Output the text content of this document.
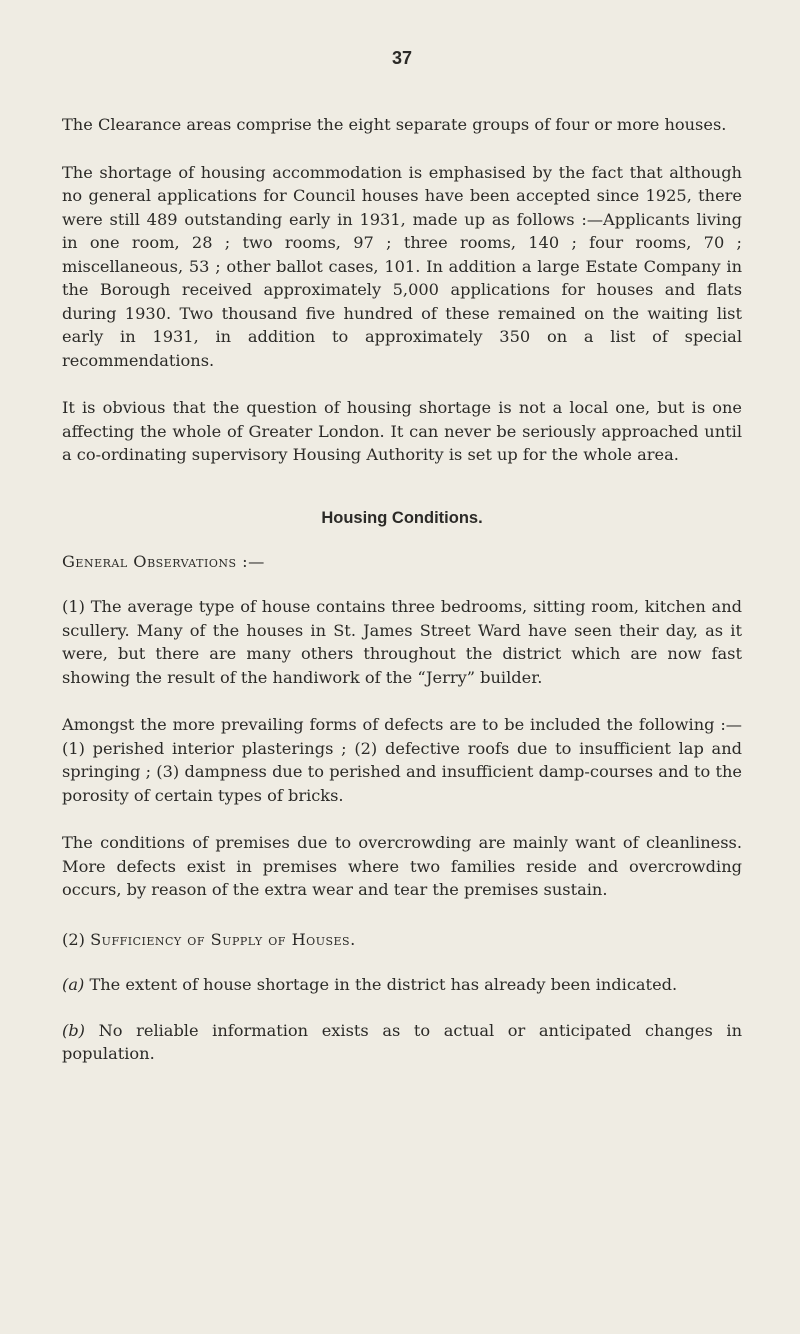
37

The Clearance areas comprise the eight separate groups of four or more houses.

The shortage of housing accommodation is emphasised by the fact that although no general applications for Council houses have been accepted since 1925, there were still 489 outstanding early in 1931, made up as follows :—Applicants living in one room, 28 ; two rooms, 97 ; three rooms, 140 ; four rooms, 70 ; miscellaneous, 53 ; other ballot cases, 101. In addition a large Estate Company in the Borough received approximately 5,000 applications for houses and flats during 1930. Two thousand five hundred of these remained on the waiting list early in 1931, in addition to approximately 350 on a list of special recommendations.

It is obvious that the question of housing shortage is not a local one, but is one affecting the whole of Greater London. It can never be seriously approached until a co-ordinating supervisory Housing Authority is set up for the whole area.

Housing Conditions.

General Observations :—

(1) The average type of house contains three bedrooms, sitting room, kitchen and scullery. Many of the houses in St. James Street Ward have seen their day, as it were, but there are many others throughout the district which are now fast showing the result of the handiwork of the “Jerry” builder.

Amongst the more prevailing forms of defects are to be included the following :—(1) perished interior plasterings ; (2) defective roofs due to insufficient lap and springing ; (3) dampness due to perished and insufficient damp-courses and to the porosity of certain types of bricks.

The conditions of premises due to overcrowding are mainly want of cleanliness. More defects exist in premises where two families reside and overcrowding occurs, by reason of the extra wear and tear the premises sustain.

(2) Sufficiency of Supply of Houses.

(a) The extent of house shortage in the district has already been indicated.

(b) No reliable information exists as to actual or anticipated changes in population.
